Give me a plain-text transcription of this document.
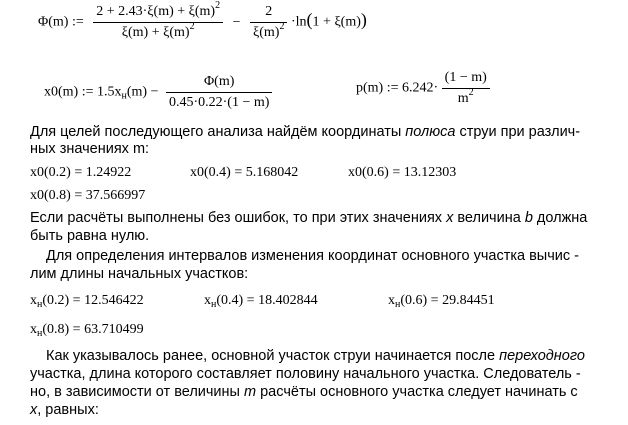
Φ(m) := $\frac{2 + 2.43\cdot\xi(m) + \xi(m)^2}{\xi(m) + \xi(m)^2} - \frac{2}{\xi(m)^2} \cdot\ln(1 + \xi(m))$
x0(m) := $1.5x_н(m) - \frac{\Phi(m)}{0.45\cdot 0.22\cdot(1 - m)}$	p(m) := $6.242\cdot \frac{(1 - m)}{m^2}$
Для целей последующего анализа найдём координаты полюса струи при различ-
ных значениях m:
x0(0.2) = 1.24922	x0(0.4) = 5.168042	x0(0.6) = 13.12303
x0(0.8) = 37.566997
Если расчёты выполнены без ошибок, то при этих значениях x величина b должна
быть равна нулю.
Для определения интервалов изменения координат основного участка вычис -
лим длины начальных участков:
$x_н(0.2) = 12.546422$	$x_н(0.4) = 18.402844$	$x_н(0.6) = 29.84451$
$x_н(0.8) = 63.710499$
Как указывалось ранее, основной участок струи начинается после переходного
участка, длина которого составляет половину начального участка. Следователь -
но, в зависимости от величины m расчёты основного участка следует начинать с
x, равных:
